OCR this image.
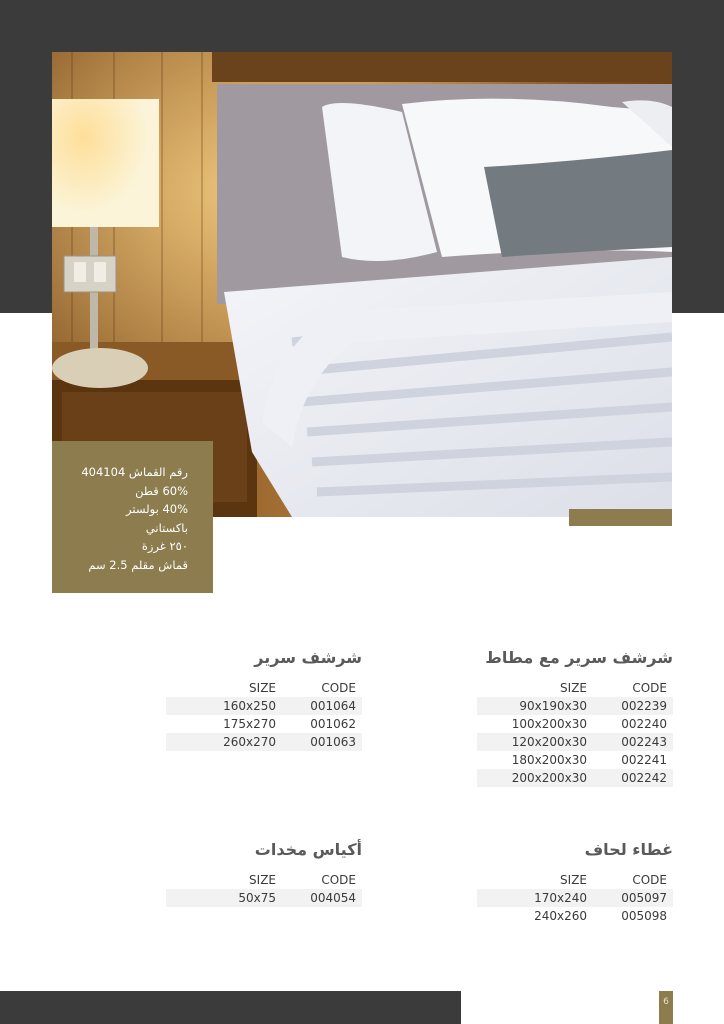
رقم القماش 404104
60% قطن
40% بولستر
باكستاني
٢٥٠ غرزة
قماش مقلم 2.5 سم
شرشف سرير مع مطاط
SIZE	CODE
90x190x30	002239
100x200x30	002240
120x200x30	002243
180x200x30	002241
200x200x30	002242
شرشف سرير
SIZE	CODE
160x250	001064
175x270	001062
260x270	001063
غطاء لحاف
SIZE	CODE
170x240	005097
240x260	005098
أكياس مخدات
SIZE	CODE
50x75	004054
6
